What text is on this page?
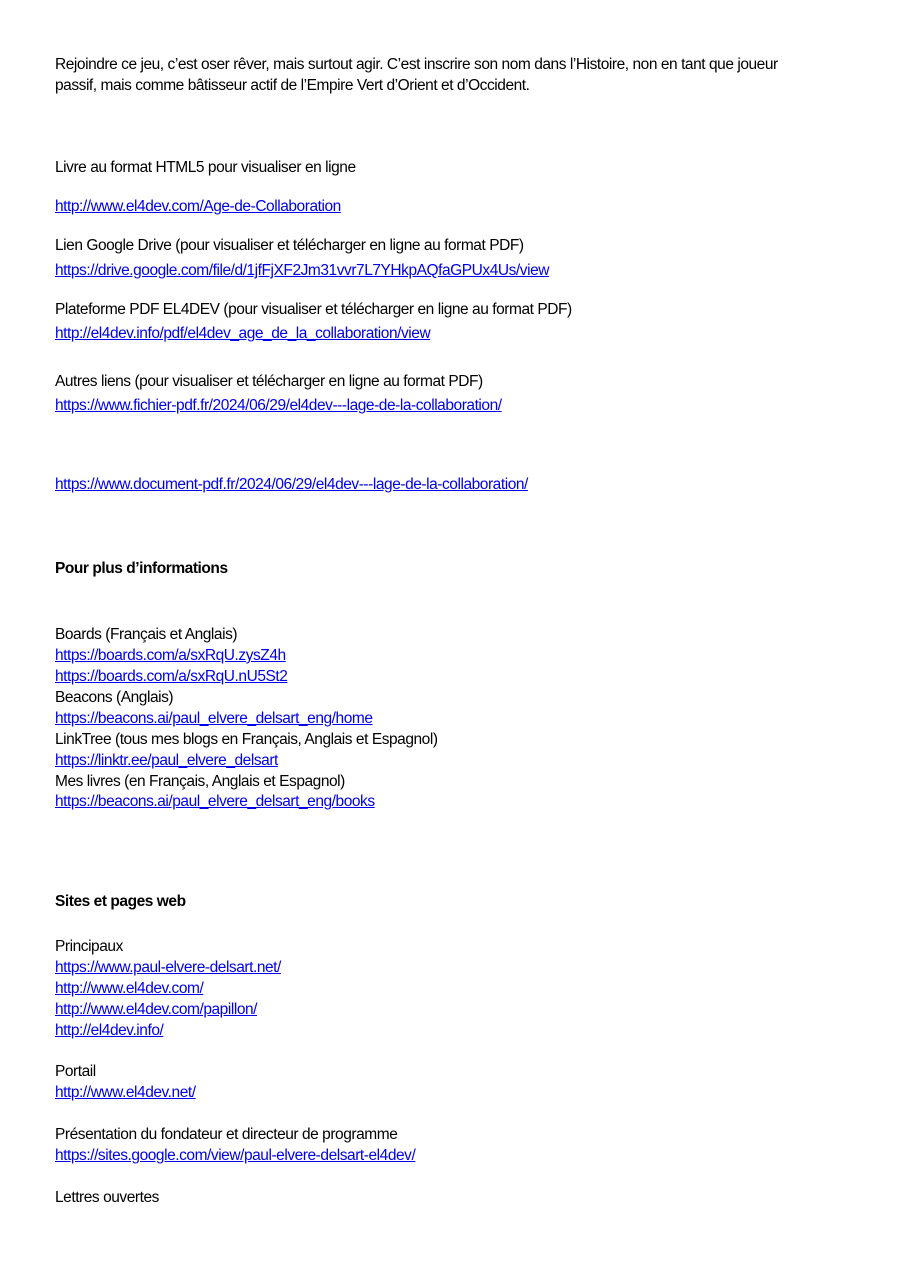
Rejoindre ce jeu, c’est oser rêver, mais surtout agir. C’est inscrire son nom dans l’Histoire, non en tant que joueur
passif, mais comme bâtisseur actif de l’Empire Vert d’Orient et d’Occident.
Livre au format HTML5 pour visualiser en ligne
http://www.el4dev.com/Age-de-Collaboration
Lien Google Drive (pour visualiser et télécharger en ligne au format PDF)
https://drive.google.com/file/d/1jfFjXF2Jm31vvr7L7YHkpAQfaGPUx4Us/view
Plateforme PDF EL4DEV (pour visualiser et télécharger en ligne au format PDF)
http://el4dev.info/pdf/el4dev_age_de_la_collaboration/view
Autres liens (pour visualiser et télécharger en ligne au format PDF)
https://www.fichier-pdf.fr/2024/06/29/el4dev---lage-de-la-collaboration/
https://www.document-pdf.fr/2024/06/29/el4dev---lage-de-la-collaboration/
Pour plus d’informations
Boards (Français et Anglais)
https://boards.com/a/sxRqU.zysZ4h
https://boards.com/a/sxRqU.nU5St2
Beacons (Anglais)
https://beacons.ai/paul_elvere_delsart_eng/home
LinkTree (tous mes blogs en Français, Anglais et Espagnol)
https://linktr.ee/paul_elvere_delsart
Mes livres (en Français, Anglais et Espagnol)
https://beacons.ai/paul_elvere_delsart_eng/books
Sites et pages web
Principaux
https://www.paul-elvere-delsart.net/
http://www.el4dev.com/
http://www.el4dev.com/papillon/
http://el4dev.info/
Portail
http://www.el4dev.net/
Présentation du fondateur et directeur de programme
https://sites.google.com/view/paul-elvere-delsart-el4dev/
Lettres ouvertes
